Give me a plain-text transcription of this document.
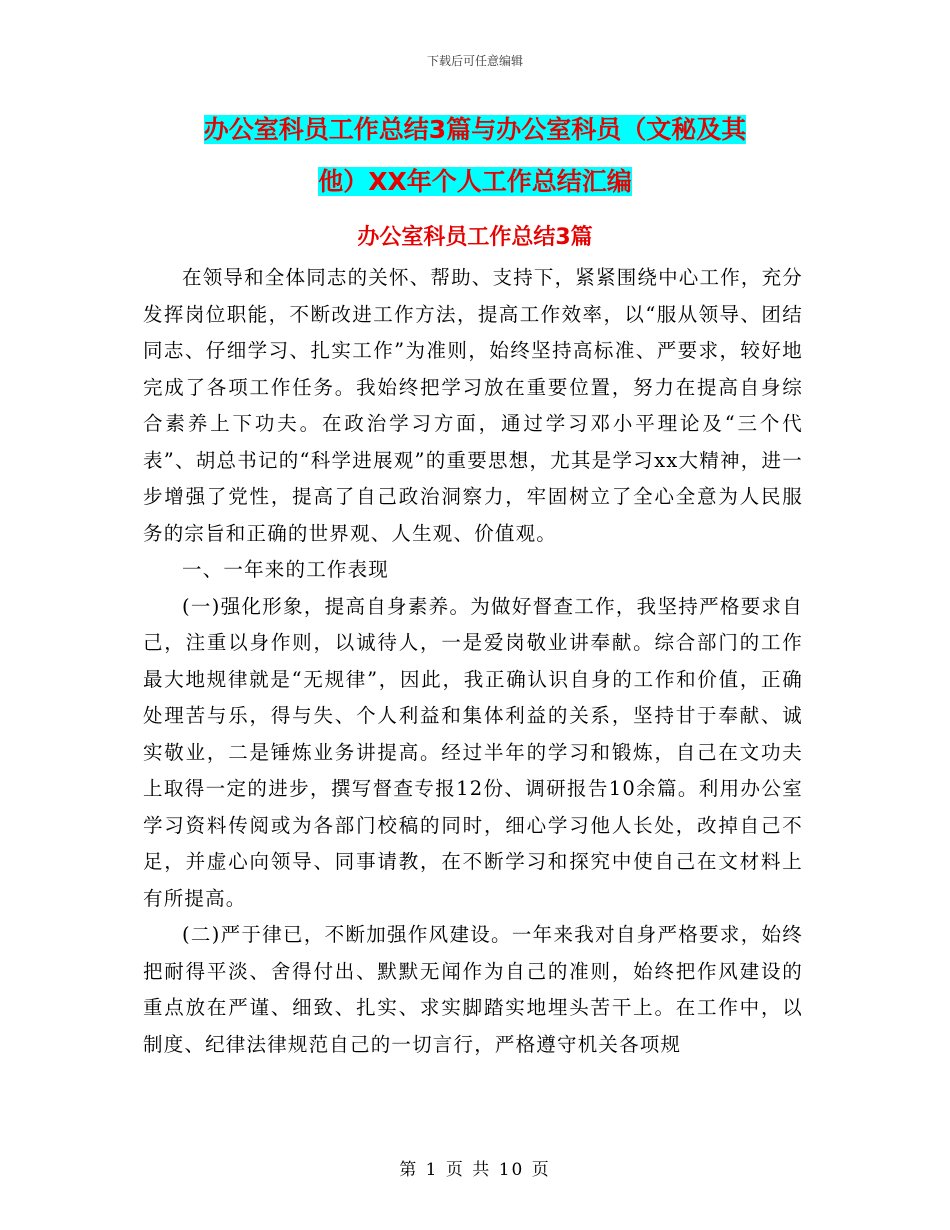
下载后可任意编辑
办公室科员工作总结3篇与办公室科员（文秘及其
他）XX年个人工作总结汇编
办公室科员工作总结3篇

在领导和全体同志的关怀、帮助、支持下，紧紧围绕中心工作，充分发挥岗位职能，不断改进工作方法，提高工作效率，以“服从领导、团结同志、仔细学习、扎实工作”为准则，始终坚持高标准、严要求，较好地完成了各项工作任务。我始终把学习放在重要位置，努力在提高自身综合素养上下功夫。在政治学习方面，通过学习邓小平理论及“三个代表”、胡总书记的“科学进展观”的重要思想，尤其是学习xx大精神，进一步增强了党性，提高了自己政治洞察力，牢固树立了全心全意为人民服务的宗旨和正确的世界观、人生观、价值观。

一、一年来的工作表现

(一)强化形象，提高自身素养。为做好督查工作，我坚持严格要求自己，注重以身作则，以诚待人，一是爱岗敬业讲奉献。综合部门的工作最大地规律就是“无规律”，因此，我正确认识自身的工作和价值，正确处理苦与乐，得与失、个人利益和集体利益的关系，坚持甘于奉献、诚实敬业，二是锤炼业务讲提高。经过半年的学习和锻炼，自己在文功夫上取得一定的进步，撰写督查专报12份、调研报告10余篇。利用办公室学习资料传阅或为各部门校稿的同时，细心学习他人长处，改掉自己不足，并虚心向领导、同事请教，在不断学习和探究中使自己在文材料上有所提高。

(二)严于律已，不断加强作风建设。一年来我对自身严格要求，始终把耐得平淡、舍得付出、默默无闻作为自己的准则，始终把作风建设的重点放在严谨、细致、扎实、求实脚踏实地埋头苦干上。在工作中，以制度、纪律法律规范自己的一切言行，严格遵守机关各项规

第 1 页 共 10 页
